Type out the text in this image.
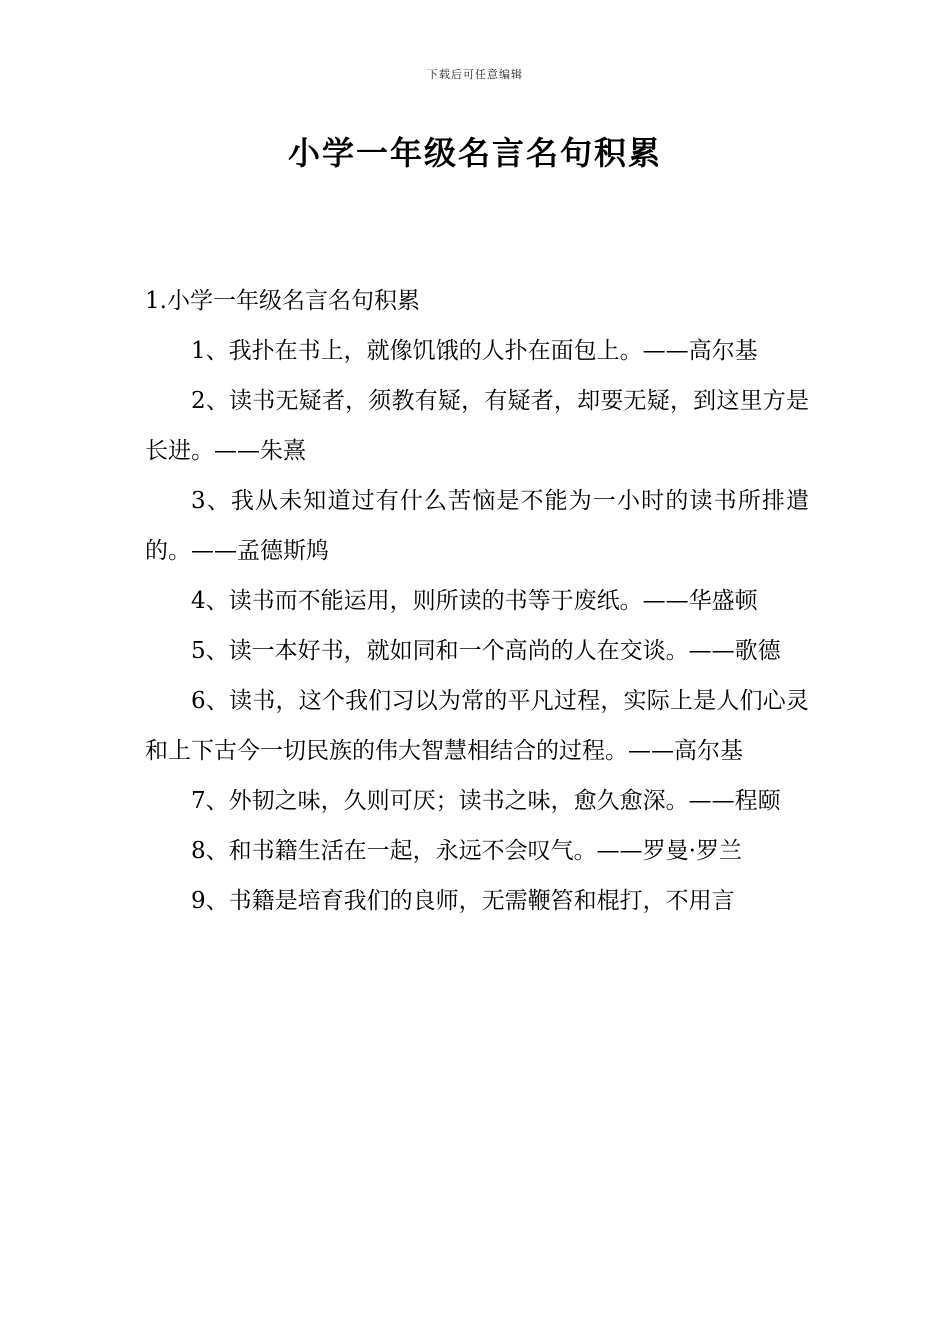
下载后可任意编辑
小学一年级名言名句积累

1.小学一年级名言名句积累

1、我扑在书上，就像饥饿的人扑在面包上。——高尔基
2、读书无疑者，须教有疑，有疑者，却要无疑，到这里方是长进。——朱熹
3、我从未知道过有什么苦恼是不能为一小时的读书所排遣的。——孟德斯鸠
4、读书而不能运用，则所读的书等于废纸。——华盛顿
5、读一本好书，就如同和一个高尚的人在交谈。——歌德
6、读书，这个我们习以为常的平凡过程，实际上是人们心灵和上下古今一切民族的伟大智慧相结合的过程。——高尔基
7、外韧之味，久则可厌；读书之味，愈久愈深。——程颐
8、和书籍生活在一起，永远不会叹气。——罗曼·罗兰
9、书籍是培育我们的良师，无需鞭笞和棍打，不用言
